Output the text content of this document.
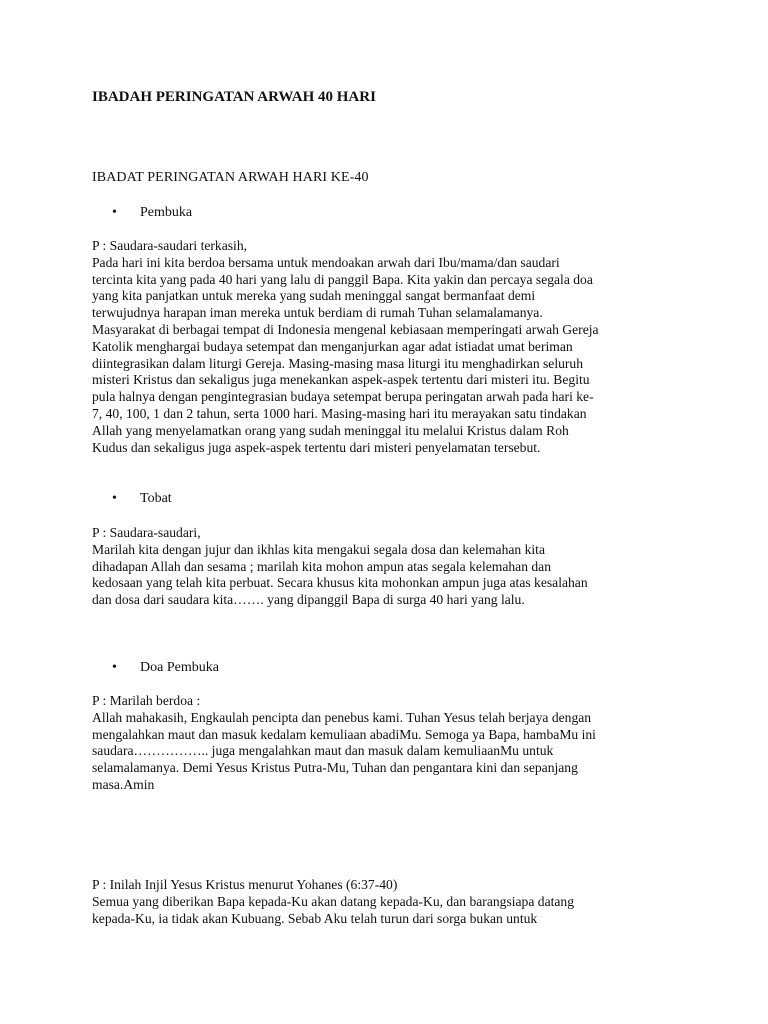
IBADAH PERINGATAN ARWAH 40 HARI
IBADAT PERINGATAN ARWAH HARI KE-40
• Pembuka

P : Saudara-saudari terkasih,

Pada hari ini kita berdoa bersama untuk mendoakan arwah dari Ibu/mama/dan saudari

tercinta kita yang pada 40 hari yang lalu di panggil Bapa. Kita yakin dan percaya segala doa

yang kita panjatkan untuk mereka yang sudah meninggal sangat bermanfaat demi

terwujudnya harapan iman mereka untuk berdiam di rumah Tuhan selamalamanya.

Masyarakat di berbagai tempat di Indonesia mengenal kebiasaan memperingati arwah Gereja

Katolik menghargai budaya setempat dan menganjurkan agar adat istiadat umat beriman

diintegrasikan dalam liturgi Gereja. Masing-masing masa liturgi itu menghadirkan seluruh

misteri Kristus dan sekaligus juga menekankan aspek-aspek tertentu dari misteri itu. Begitu

pula halnya dengan pengintegrasian budaya setempat berupa peringatan arwah pada hari ke-

7, 40, 100, 1 dan 2 tahun, serta 1000 hari. Masing-masing hari itu merayakan satu tindakan

Allah yang menyelamatkan orang yang sudah meninggal itu melalui Kristus dalam Roh

Kudus dan sekaligus juga aspek-aspek tertentu dari misteri penyelamatan tersebut.

• Tobat

P : Saudara-saudari,

Marilah kita dengan jujur dan ikhlas kita mengakui segala dosa dan kelemahan kita

dihadapan Allah dan sesama ; marilah kita mohon ampun atas segala kelemahan dan

kedosaan yang telah kita perbuat. Secara khusus kita mohonkan ampun juga atas kesalahan

dan dosa dari saudara kita……. yang dipanggil Bapa di surga 40 hari yang lalu.

• Doa Pembuka

P : Marilah berdoa :

Allah mahakasih, Engkaulah pencipta dan penebus kami. Tuhan Yesus telah berjaya dengan

mengalahkan maut dan masuk kedalam kemuliaan abadiMu. Semoga ya Bapa, hambaMu ini

saudara…………….. juga mengalahkan maut dan masuk dalam kemuliaanMu untuk

selamalamanya. Demi Yesus Kristus Putra-Mu, Tuhan dan pengantara kini dan sepanjang

masa.Amin

P : Inilah Injil Yesus Kristus menurut Yohanes (6:37-40)

Semua yang diberikan Bapa kepada-Ku akan datang kepada-Ku, dan barangsiapa datang

kepada-Ku, ia tidak akan Kubuang. Sebab Aku telah turun dari sorga bukan untuk
